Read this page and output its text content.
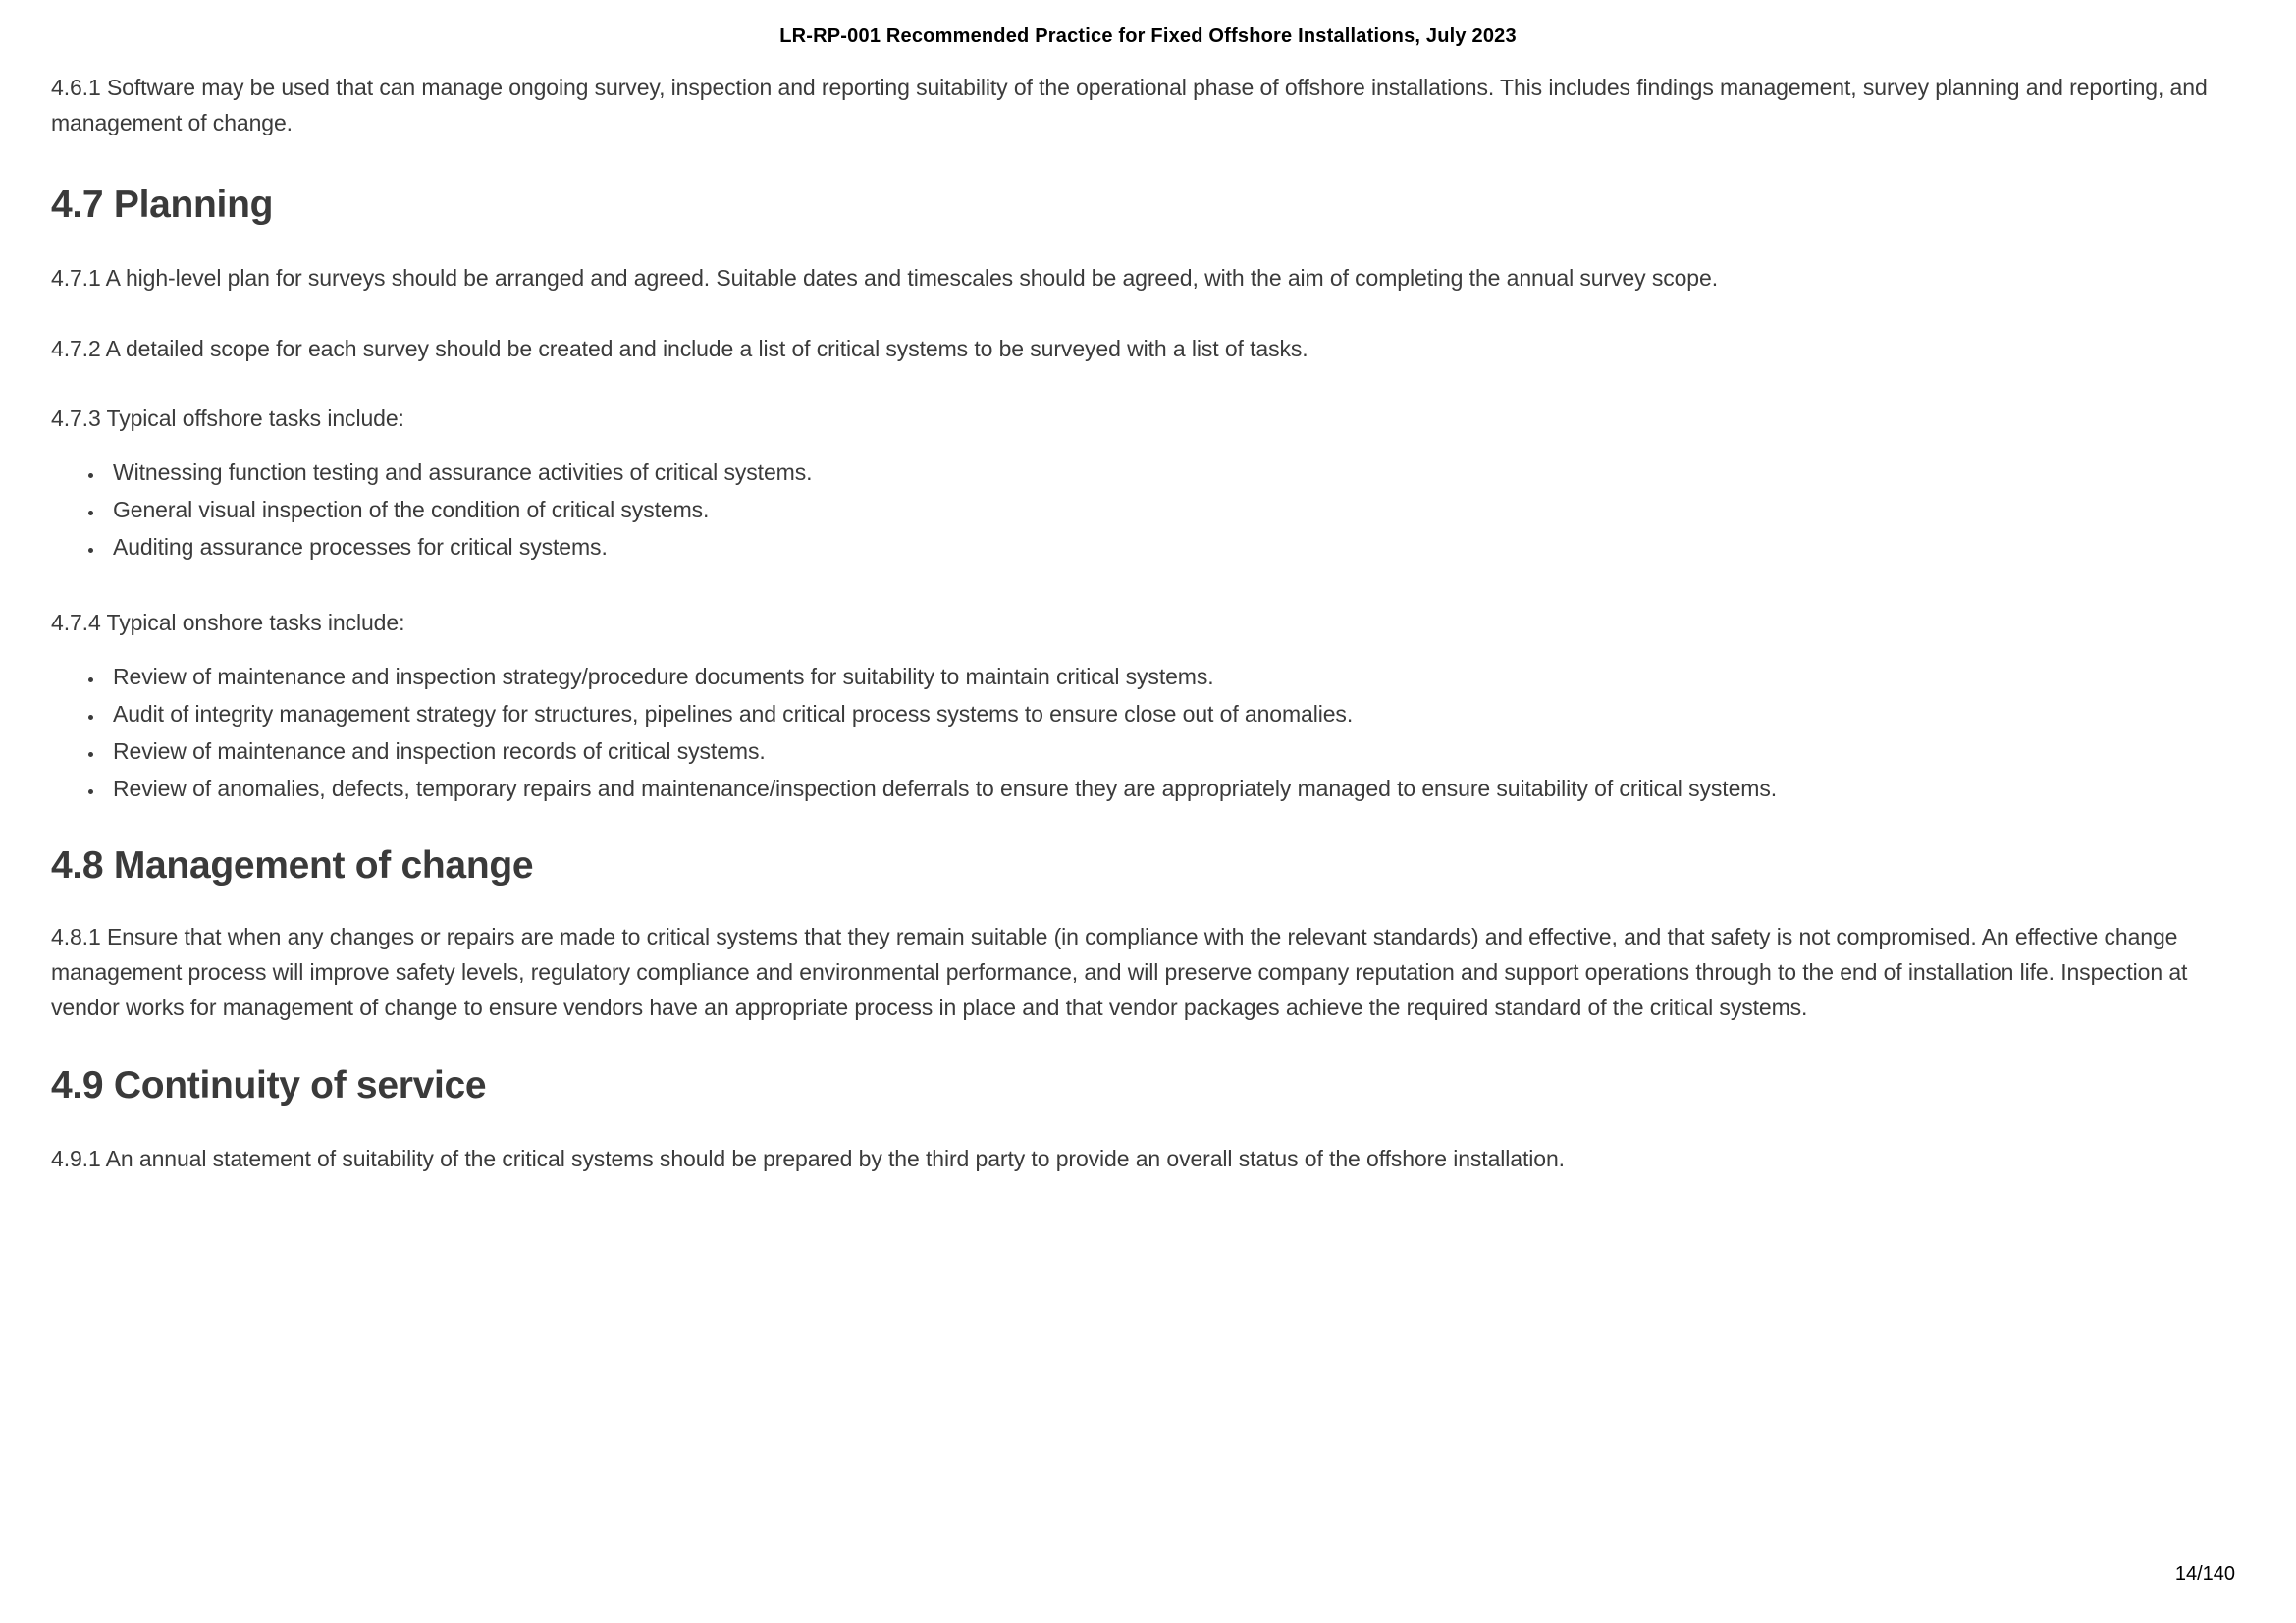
LR-RP-001 Recommended Practice for Fixed Offshore Installations, July 2023

4.6.1 Software may be used that can manage ongoing survey, inspection and reporting suitability of the operational phase of offshore installations. This includes findings management, survey planning and reporting, and management of change.

4.7 Planning

4.7.1 A high-level plan for surveys should be arranged and agreed. Suitable dates and timescales should be agreed, with the aim of completing the annual survey scope.

4.7.2 A detailed scope for each survey should be created and include a list of critical systems to be surveyed with a list of tasks.

4.7.3 Typical offshore tasks include:

• Witnessing function testing and assurance activities of critical systems.
• General visual inspection of the condition of critical systems.
• Auditing assurance processes for critical systems.

4.7.4 Typical onshore tasks include:

• Review of maintenance and inspection strategy/procedure documents for suitability to maintain critical systems.
• Audit of integrity management strategy for structures, pipelines and critical process systems to ensure close out of anomalies.
• Review of maintenance and inspection records of critical systems.
• Review of anomalies, defects, temporary repairs and maintenance/inspection deferrals to ensure they are appropriately managed to ensure suitability of critical systems.
4.8 Management of change

4.8.1 Ensure that when any changes or repairs are made to critical systems that they remain suitable (in compliance with the relevant standards) and effective, and that safety is not compromised. An effective change management process will improve safety levels, regulatory compliance and environmental performance, and will preserve company reputation and support operations through to the end of installation life. Inspection at vendor works for management of change to ensure vendors have an appropriate process in place and that vendor packages achieve the required standard of the critical systems.

4.9 Continuity of service

4.9.1 An annual statement of suitability of the critical systems should be prepared by the third party to provide an overall status of the offshore installation.

14/140
